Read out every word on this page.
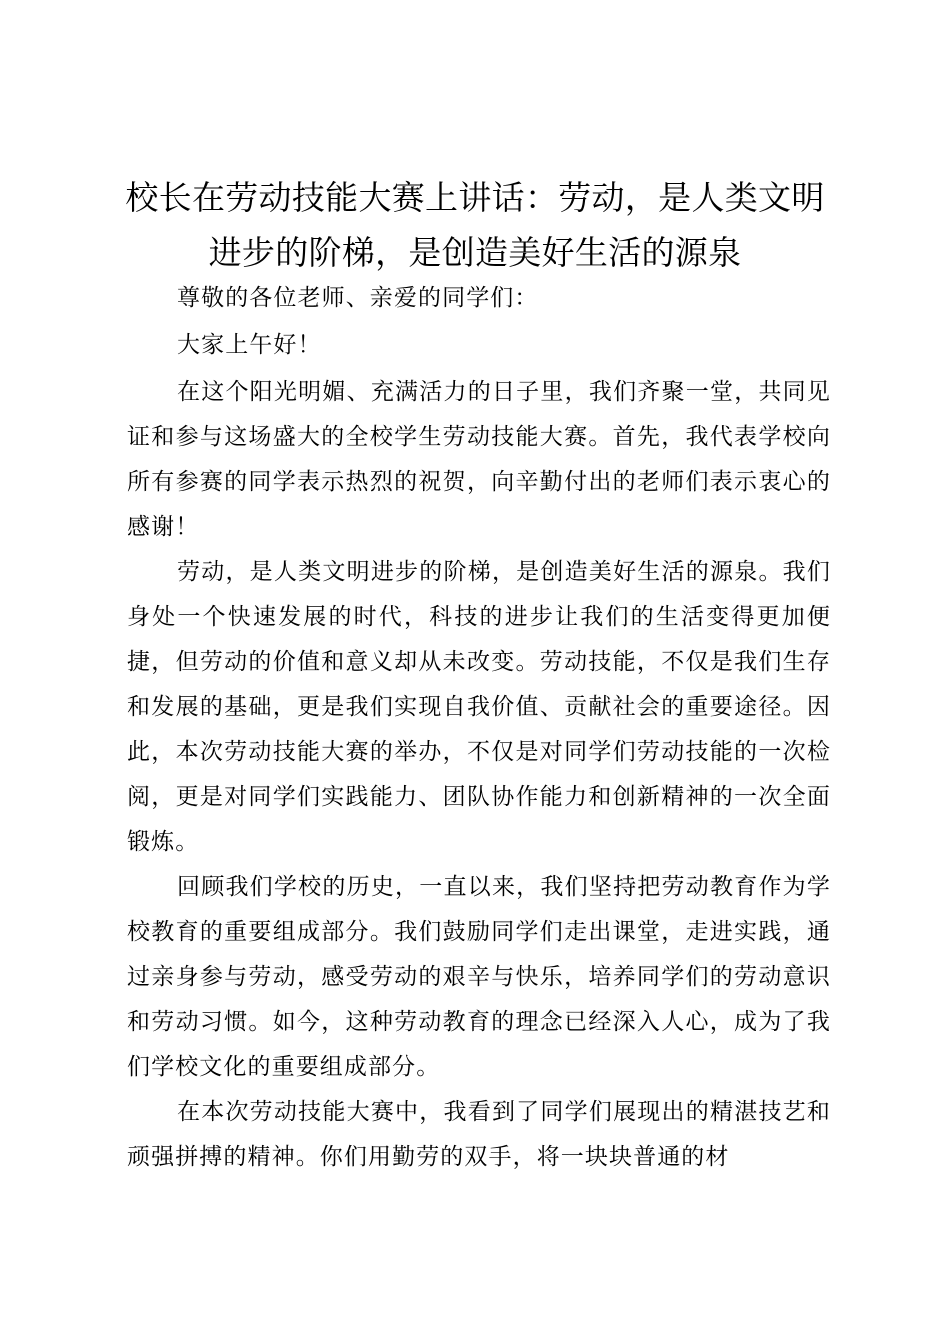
校长在劳动技能大赛上讲话：劳动，是人类文明进步的阶梯，是创造美好生活的源泉

尊敬的各位老师、亲爱的同学们：

大家上午好！

在这个阳光明媚、充满活力的日子里，我们齐聚一堂，共同见证和参与这场盛大的全校学生劳动技能大赛。首先，我代表学校向所有参赛的同学表示热烈的祝贺，向辛勤付出的老师们表示衷心的感谢！

劳动，是人类文明进步的阶梯，是创造美好生活的源泉。我们身处一个快速发展的时代，科技的进步让我们的生活变得更加便捷，但劳动的价值和意义却从未改变。劳动技能，不仅是我们生存和发展的基础，更是我们实现自我价值、贡献社会的重要途径。因此，本次劳动技能大赛的举办，不仅是对同学们劳动技能的一次检阅，更是对同学们实践能力、团队协作能力和创新精神的一次全面锻炼。

回顾我们学校的历史，一直以来，我们坚持把劳动教育作为学校教育的重要组成部分。我们鼓励同学们走出课堂，走进实践，通过亲身参与劳动，感受劳动的艰辛与快乐，培养同学们的劳动意识和劳动习惯。如今，这种劳动教育的理念已经深入人心，成为了我们学校文化的重要组成部分。

在本次劳动技能大赛中，我看到了同学们展现出的精湛技艺和顽强拼搏的精神。你们用勤劳的双手，将一块块普通的材
